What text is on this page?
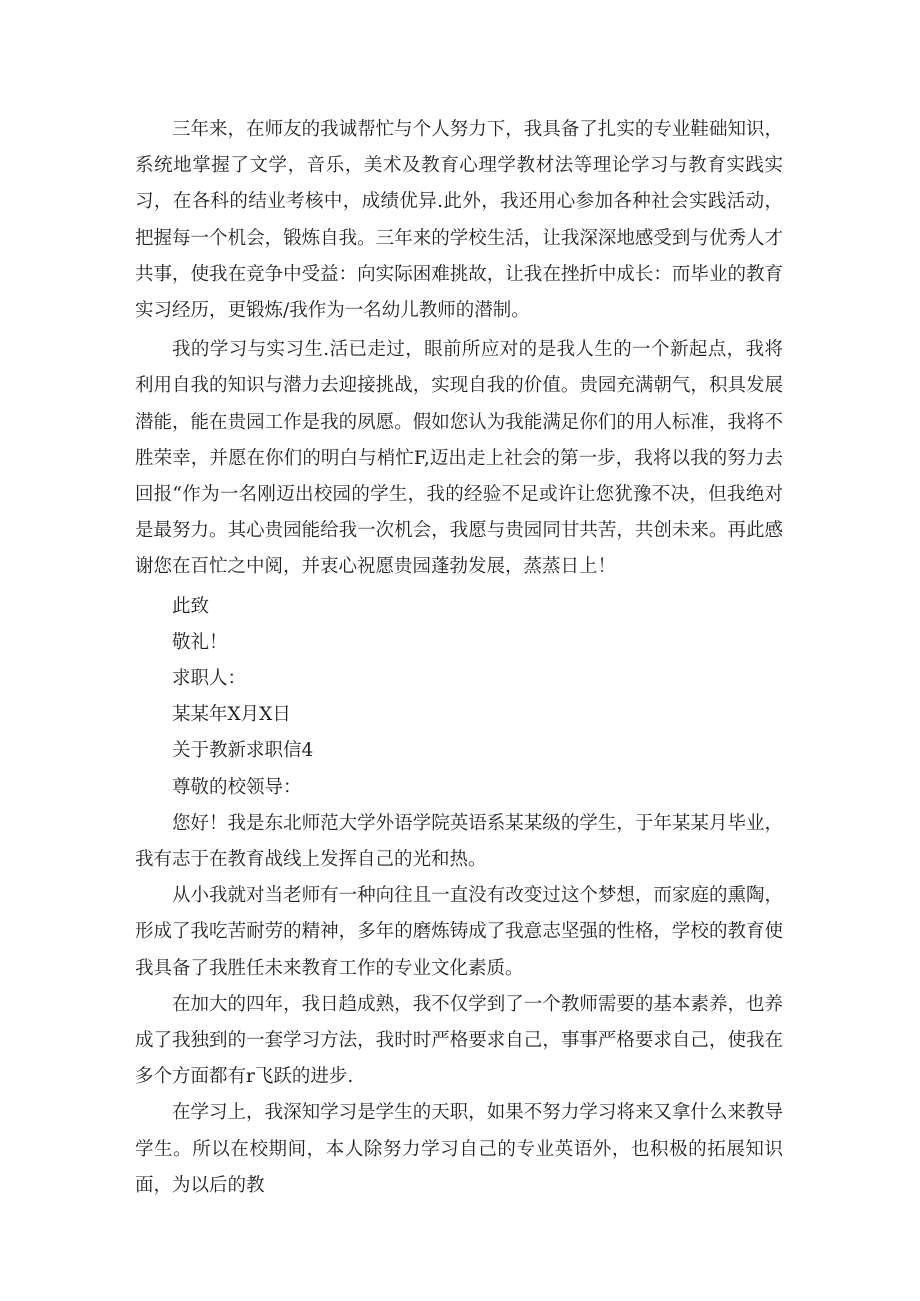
三年来，在师友的我诚帮忙与个人努力下，我具备了扎实的专业鞋础知识，系统地掌握了文学，音乐，美术及教育心理学教材法等理论学习与教育实践实习，在各科的结业考核中，成绩优异.此外，我还用心参加各种社会实践活动，把握每一个机会，锻炼自我。三年来的学校生活，让我深深地感受到与优秀人才共事，使我在竞争中受益：向实际困难挑故，让我在挫折中成长：而毕业的教育实习经历，更锻炼/我作为一名幼儿教师的潜制。

我的学习与实习生.活已走过，眼前所应对的是我人生的一个新起点，我将利用自我的知识与潜力去迎接挑战，实现自我的价值。贵园充满朝气，积具发展潜能，能在贵园工作是我的夙愿。假如您认为我能满足你们的用人标准，我将不胜荣幸，并愿在你们的明白与梢忙F,迈出走上社会的第一步，我将以我的努力去回报“作为一名刚迈出校园的学生，我的经验不足或许让您犹豫不决，但我绝对是最努力。其心贵园能给我一次机会，我愿与贵园同甘共苦，共创未来。再此感谢您在百忙之中阅，并衷心祝愿贵园蓬勃发展，蒸蒸日上！

此致

敬礼！

求职人：

某某年X月X日

关于教新求职信4

尊敬的校领导：

您好！我是东北师范大学外语学院英语系某某级的学生，于年某某月毕业，我有志于在教育战线上发挥自己的光和热。

从小我就对当老师有一种向往且一直没有改变过这个梦想，而家庭的熏陶，形成了我吃苦耐劳的精神，多年的磨炼铸成了我意志坚强的性格，学校的教育使我具备了我胜任未来教育工作的专业文化素质。

在加大的四年，我日趋成熟，我不仅学到了一个教师需要的基本素养，也养成了我独到的一套学习方法，我时时严格要求自己，事事严格要求自己，使我在多个方面都有r飞跃的进步.

在学习上，我深知学习是学生的天职，如果不努力学习将来又拿什么来教导学生。所以在校期间，本人除努力学习自己的专业英语外，也积极的拓展知识面，为以后的教
